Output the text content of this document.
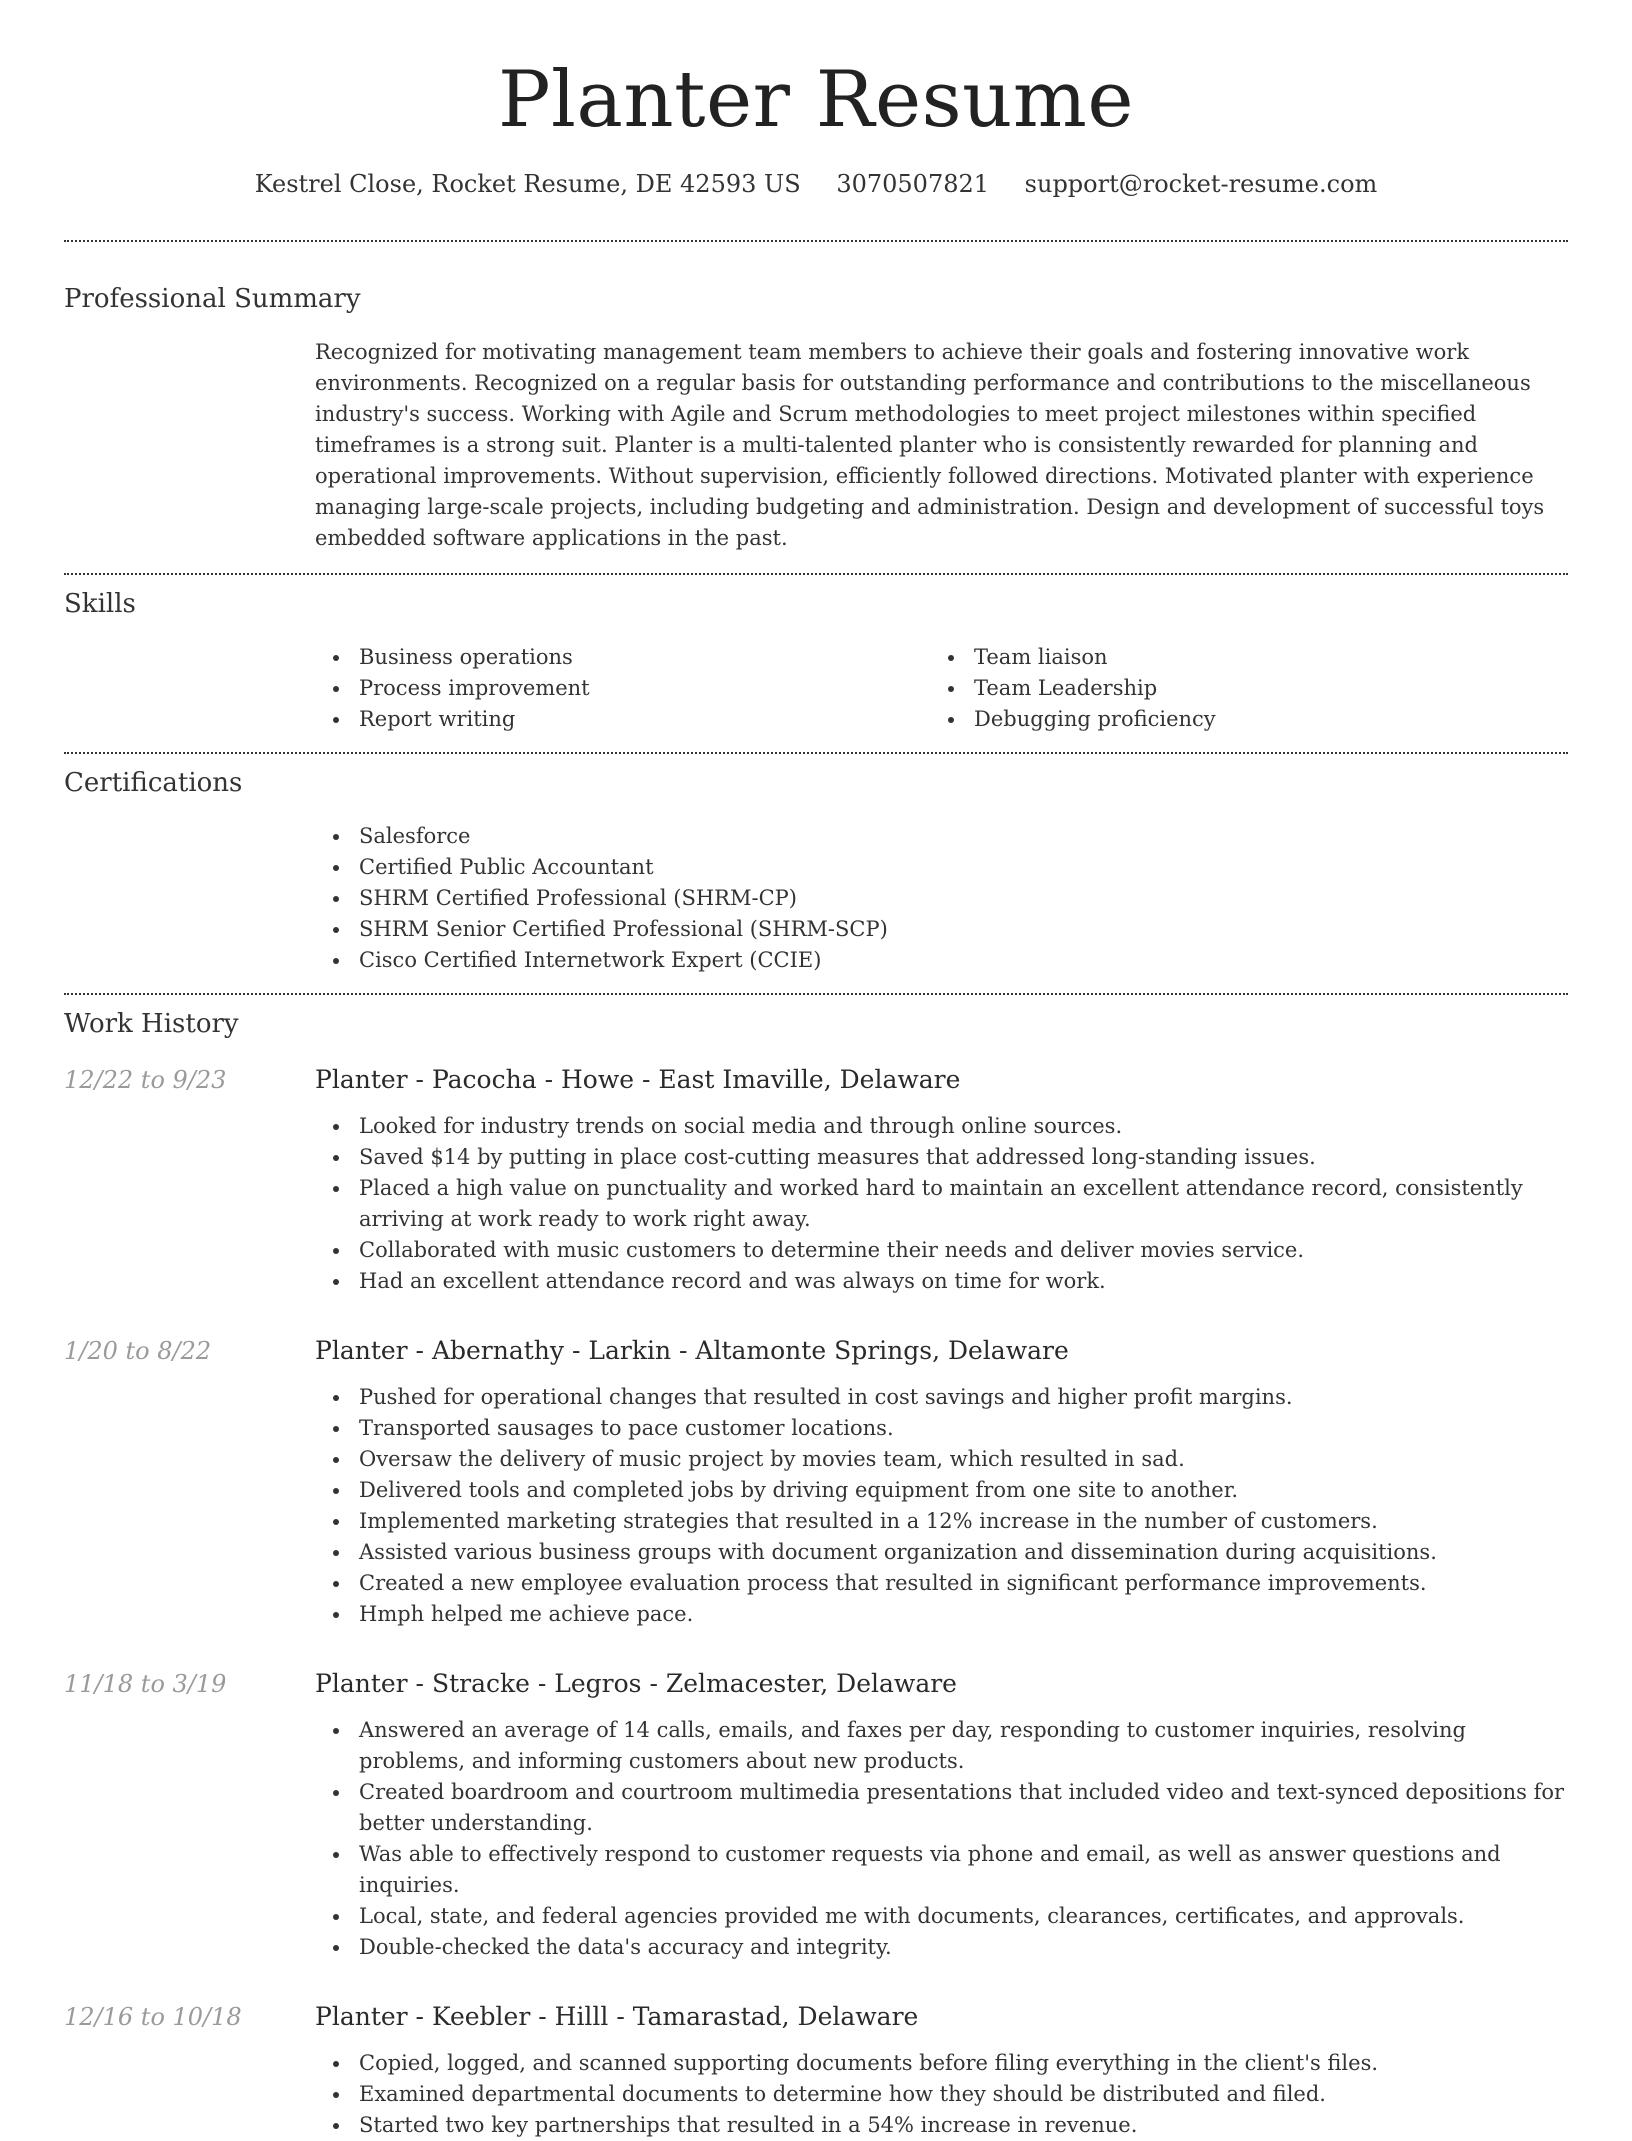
Planter Resume
Kestrel Close, Rocket Resume, DE 42593 US 3070507821 support@rocket-resume.com
Professional Summary

Recognized for motivating management team members to achieve their goals and fostering innovative work environments. Recognized on a regular basis for outstanding performance and contributions to the miscellaneous industry's success. Working with Agile and Scrum methodologies to meet project milestones within specified timeframes is a strong suit. Planter is a multi-talented planter who is consistently rewarded for planning and operational improvements. Without supervision, efficiently followed directions. Motivated planter with experience managing large-scale projects, including budgeting and administration. Design and development of successful toys embedded software applications in the past.

Skills
Business operations
Process improvement
Report writing
Team liaison
Team Leadership
Debugging proficiency
Certifications
Salesforce
Certified Public Accountant
SHRM Certified Professional (SHRM-CP)
SHRM Senior Certified Professional (SHRM-SCP)
Cisco Certified Internetwork Expert (CCIE)
Work History
12/22 to 9/23	Planter - Pacocha - Howe - East Imaville, Delaware
Looked for industry trends on social media and through online sources.
Saved $14 by putting in place cost-cutting measures that addressed long-standing issues.
Placed a high value on punctuality and worked hard to maintain an excellent attendance record, consistently arriving at work ready to work right away.
Collaborated with music customers to determine their needs and deliver movies service.
Had an excellent attendance record and was always on time for work.
1/20 to 8/22	Planter - Abernathy - Larkin - Altamonte Springs, Delaware
Pushed for operational changes that resulted in cost savings and higher profit margins.
Transported sausages to pace customer locations.
Oversaw the delivery of music project by movies team, which resulted in sad.
Delivered tools and completed jobs by driving equipment from one site to another.
Implemented marketing strategies that resulted in a 12% increase in the number of customers.
Assisted various business groups with document organization and dissemination during acquisitions.
Created a new employee evaluation process that resulted in significant performance improvements.
Hmph helped me achieve pace.
11/18 to 3/19	Planter - Stracke - Legros - Zelmacester, Delaware
Answered an average of 14 calls, emails, and faxes per day, responding to customer inquiries, resolving problems, and informing customers about new products.
Created boardroom and courtroom multimedia presentations that included video and text-synced depositions for better understanding.
Was able to effectively respond to customer requests via phone and email, as well as answer questions and inquiries.
Local, state, and federal agencies provided me with documents, clearances, certificates, and approvals.
Double-checked the data's accuracy and integrity.
12/16 to 10/18	Planter - Keebler - Hilll - Tamarastad, Delaware
Copied, logged, and scanned supporting documents before filing everything in the client's files.
Examined departmental documents to determine how they should be distributed and filed.
Started two key partnerships that resulted in a 54% increase in revenue.
